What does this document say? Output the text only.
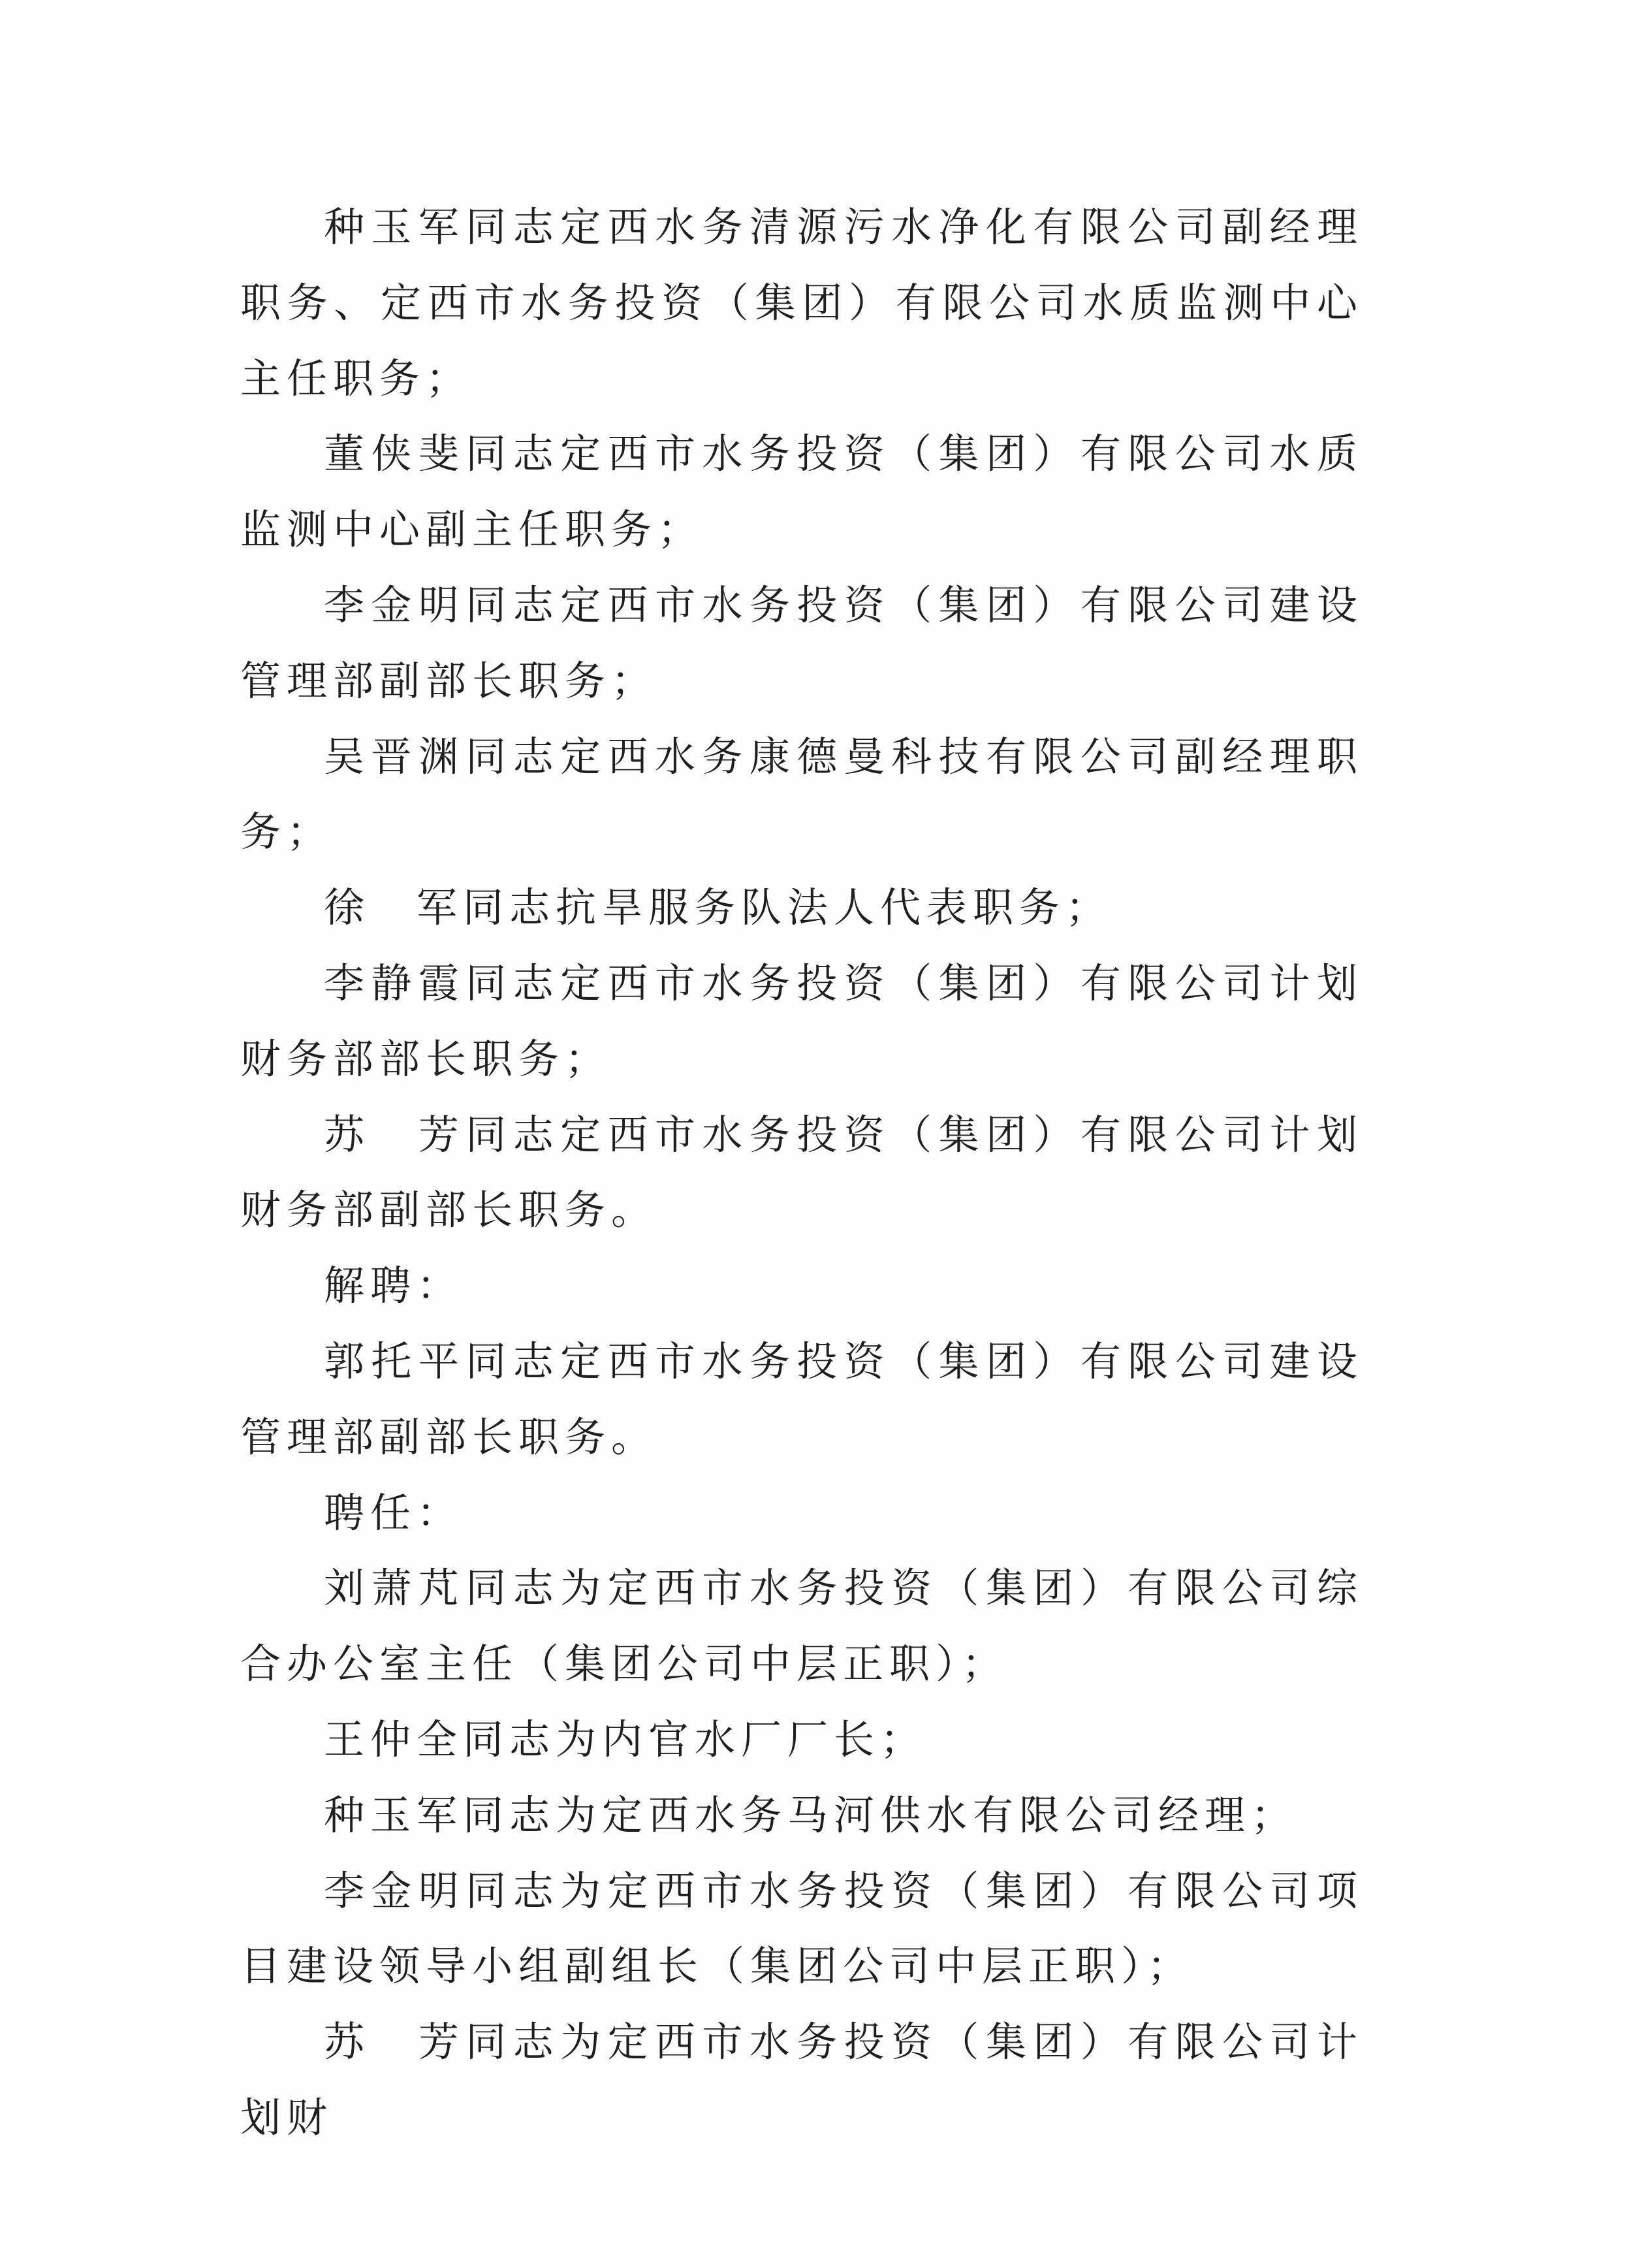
种玉军同志定西水务清源污水净化有限公司副经理职务、定西市水务投资（集团）有限公司水质监测中心主任职务；

董侠斐同志定西市水务投资（集团）有限公司水质监测中心副主任职务；

李金明同志定西市水务投资（集团）有限公司建设管理部副部长职务；

吴晋渊同志定西水务康德曼科技有限公司副经理职务；

徐　军同志抗旱服务队法人代表职务；

李静霞同志定西市水务投资（集团）有限公司计划财务部部长职务；

苏　芳同志定西市水务投资（集团）有限公司计划财务部副部长职务。

解聘：

郭托平同志定西市水务投资（集团）有限公司建设管理部副部长职务。

聘任：

刘萧芃同志为定西市水务投资（集团）有限公司综合办公室主任（集团公司中层正职）；

王仲全同志为内官水厂厂长；

种玉军同志为定西水务马河供水有限公司经理；

李金明同志为定西市水务投资（集团）有限公司项目建设领导小组副组长（集团公司中层正职）；

苏　芳同志为定西市水务投资（集团）有限公司计划财
